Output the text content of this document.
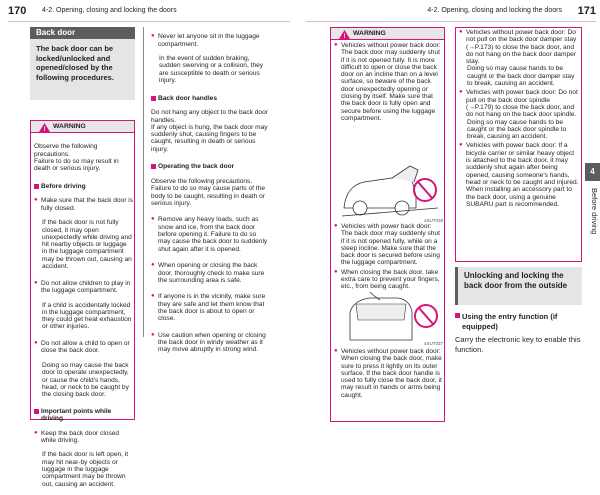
170 4-2. Opening, closing and locking the doors	4-2. Opening, closing and locking the doors 171
4
Before driving
Back door
The back door can be locked/unlocked and opened/closed by the following procedures.
! WARNING

Observe the following precautions.
Failure to do so may result in death or serious injury.

Before driving

● Make sure that the back door is fully closed.

If the back door is not fully closed, it may open unexpectedly while driving and hit nearby objects or luggage in the luggage compartment may be thrown out, causing an accident.

● Do not allow children to play in the luggage compartment.

If a child is accidentally locked in the luggage compartment, they could get heat exhaustion or other injuries.

● Do not allow a child to open or close the back door.

Doing so may cause the back door to operate unexpectedly, or cause the child's hands, head, or neck to be caught by the closing back door.

Important points while driving

● Keep the back door closed while driving.

If the back door is left open, it may hit near-by objects or luggage in the luggage compartment may be thrown out, causing an accident.

● Never let anyone sit in the luggage compartment.

In the event of sudden braking, sudden swerving or a collision, they are susceptible to death or serious injury.

Back door handles

Do not hang any object to the back door handles.
If any object is hung, the back door may suddenly shut, causing fingers to be caught, resulting in death or serious injury.

Operating the back door

Observe the following precautions.
Failure to do so may cause parts of the body to be caught, resulting in death or serious injury.

● Remove any heavy loads, such as snow and ice, from the back door before opening it. Failure to do so may cause the back door to suddenly shut again after it is opened.

● When opening or closing the back door, thoroughly check to make sure the surrounding area is safe.

● If anyone is in the vicinity, make sure they are safe and let them know that the back door is about to open or close.

● Use caution when opening or closing the back door in windy weather as it may move abruptly in strong wind.

! WARNING

● Vehicles without power back door: The back door may suddenly shut if it is not opened fully. It is more difficult to open or close the back door on an incline than on a level surface, so beware of the back door unexpectedly opening or closing by itself. Make sure that the back door is fully open and secure before using the luggage compartment.

4SUT038

● Vehicles with power back door: The back door may suddenly shut if it is not opened fully, while on a steep incline. Make sure that the back door is secured before using the luggage compartment.

● When closing the back door, take extra care to prevent your fingers, etc., from being caught.

4SUT037

● Vehicles without power back door: When closing the back door, make sure to press it lightly on its outer surface. If the back door handle is used to fully close the back door, it may result in hands or arms being caught.

● Vehicles without power back door: Do not pull on the back door damper stay (→P.173) to close the back door, and do not hang on the back door damper stay.

Doing so may cause hands to be caught or the back door damper stay to break, causing an accident.

● Vehicles with power back door: Do not pull on the back door spindle (→P.179) to close the back door, and do not hang on the back door spindle.

Doing so may cause hands to be caught or the back door spindle to break, causing an accident.

● Vehicles with power back door: If a bicycle carrier or similar heavy object is attached to the back door, it may suddenly shut again after being opened, causing someone's hands, head or neck to be caught and injured. When installing an accessory part to the back door, using a genuine SUBARU part is recommended.

Unlocking and locking the back door from the outside

Using the entry function (if equipped)

Carry the electronic key to enable this function.
